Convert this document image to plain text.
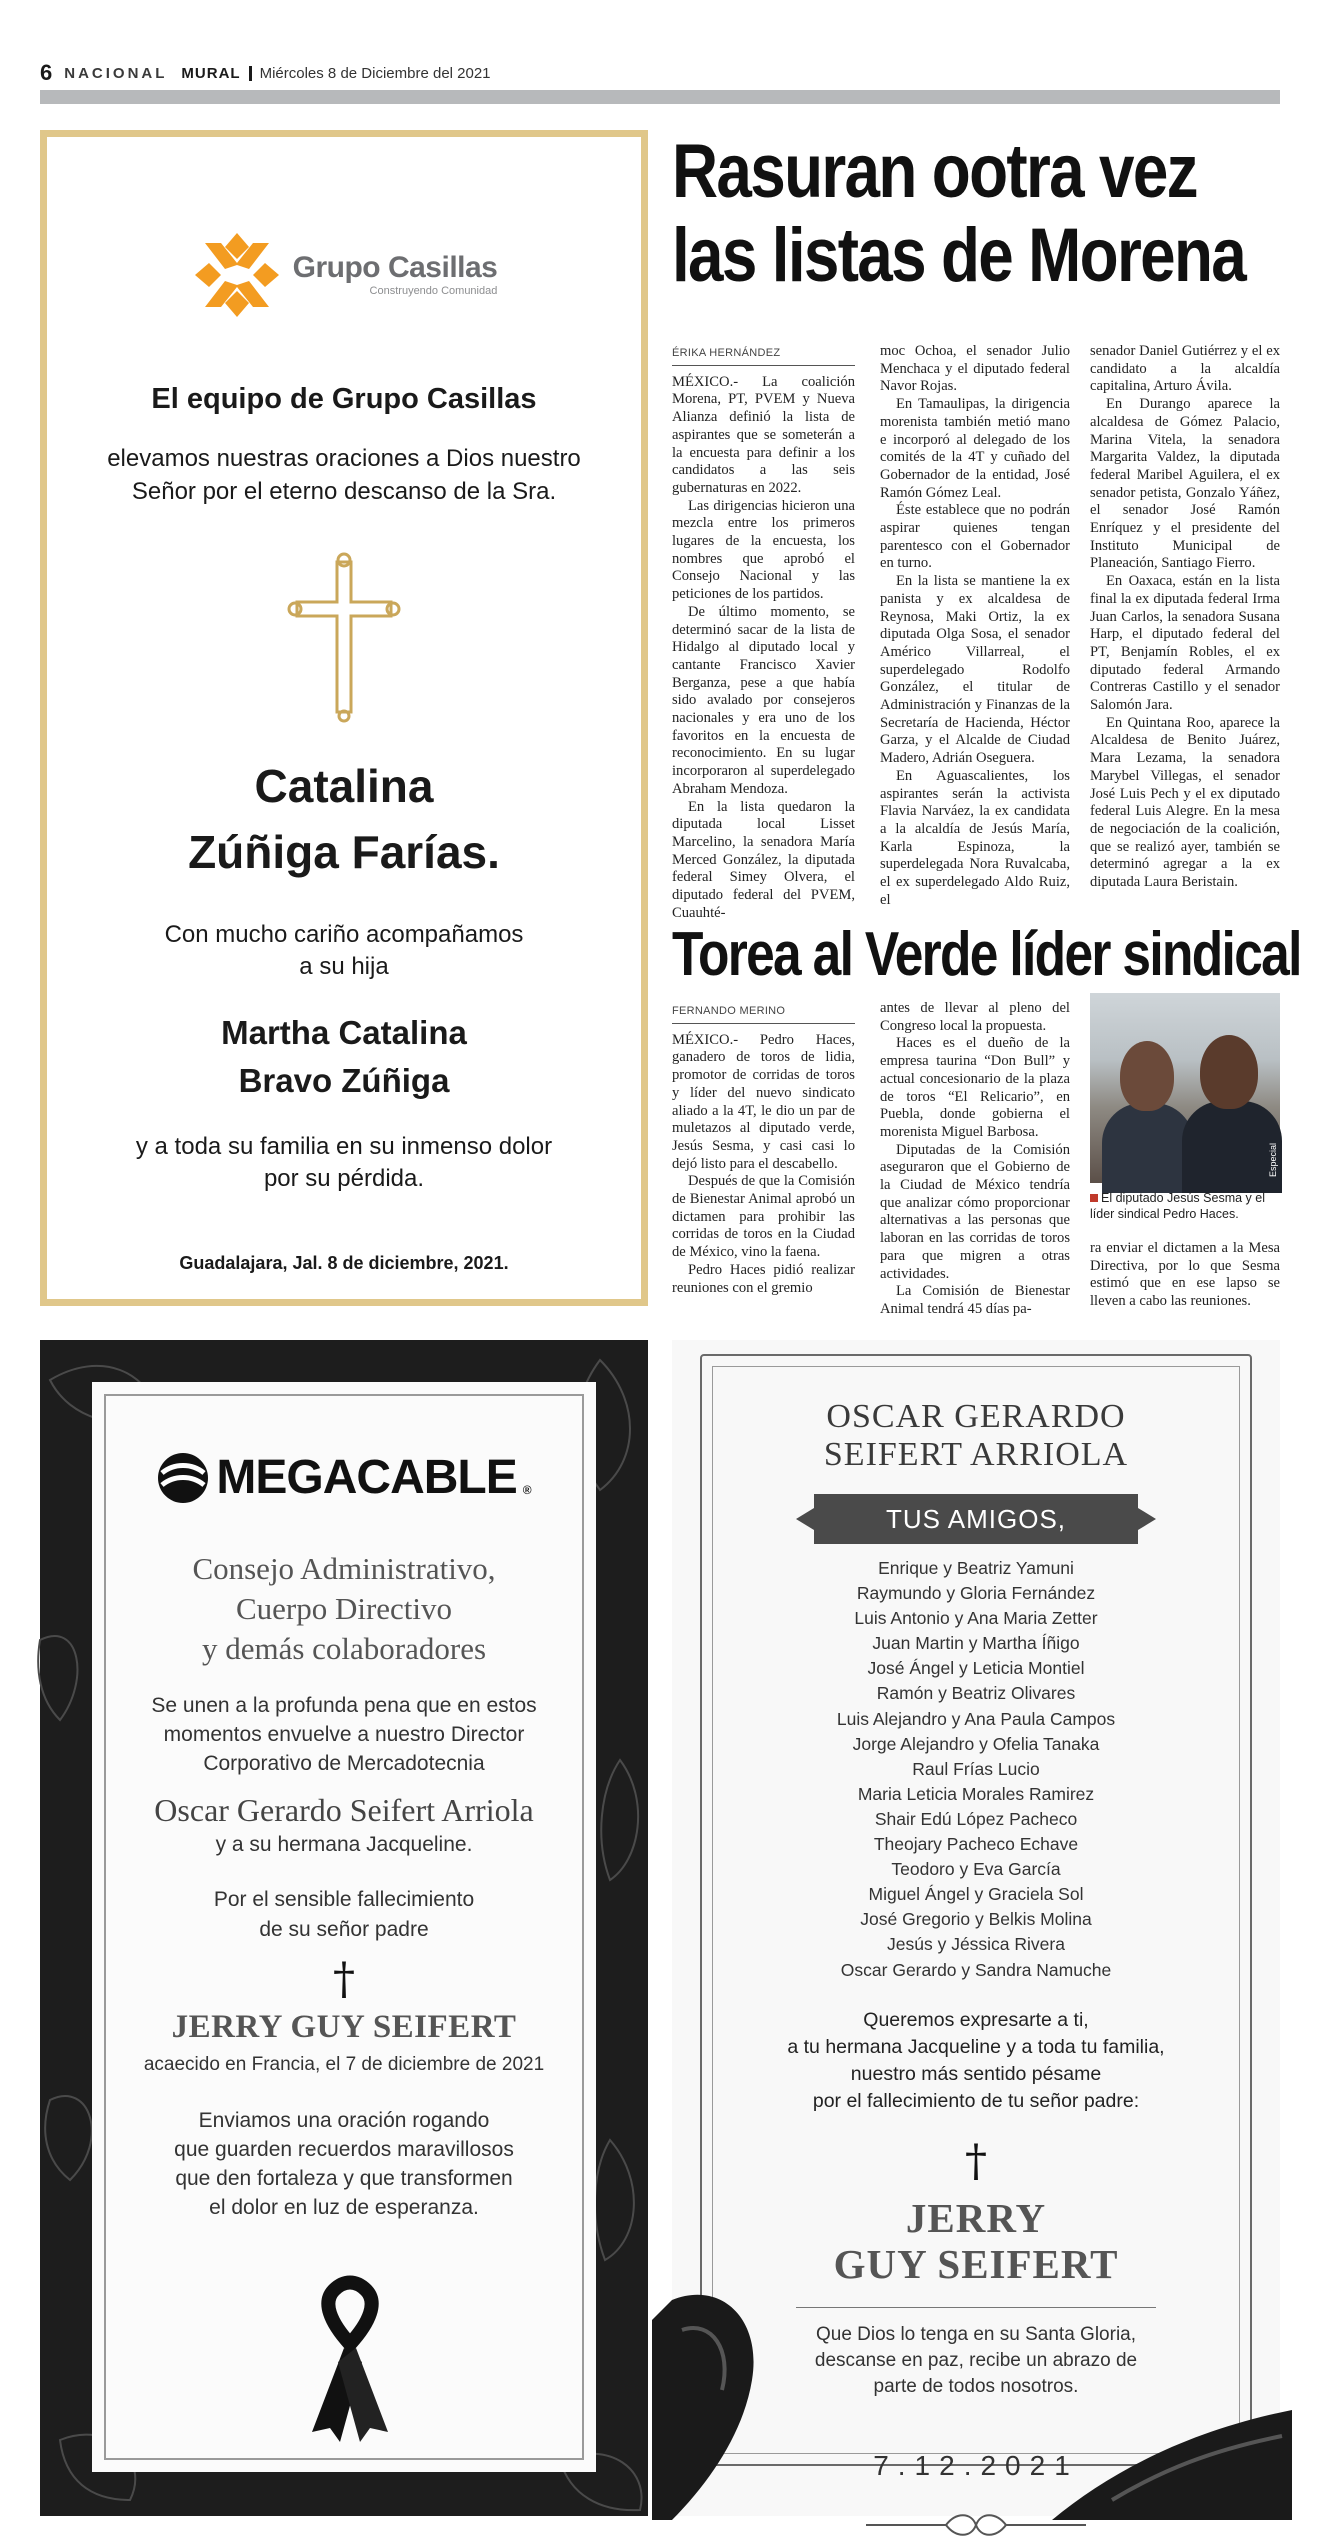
6 NACIONAL MURAL Miércoles 8 de Diciembre del 2021
Grupo Casillas
Construyendo Comunidad
El equipo de Grupo Casillas
elevamos nuestras oraciones a Dios nuestro
Señor por el eterno descanso de la Sra.
Catalina
Zúñiga Farías.
Con mucho cariño acompañamos
a su hija
Martha Catalina
Bravo Zúñiga
y a toda su familia en su inmenso dolor
por su pérdida.
Guadalajara, Jal. 8 de diciembre, 2021.
Rasuran ootra vez
las listas de Morena
ÉRIKA HERNÁNDEZ

MÉXICO.- La coalición Morena, PT, PVEM y Nueva Alianza definió la lista de aspirantes que se someterán a la encuesta para definir a los candidatos a las seis gubernaturas en 2022.

Las dirigencias hicieron una mezcla entre los primeros lugares de la encuesta, los nombres que aprobó el Consejo Nacional y las peticiones de los partidos.

De último momento, se determinó sacar de la lista de Hidalgo al diputado local y cantante Francisco Xavier Berganza, pese a que había sido avalado por consejeros nacionales y era uno de los favoritos en la encuesta de reconocimiento. En su lugar incorporaron al superdelegado Abraham Mendoza.

En la lista quedaron la diputada local Lisset Marcelino, la senadora María Merced González, la diputada federal Simey Olvera, el diputado federal del PVEM, Cuauhté-

moc Ochoa, el senador Julio Menchaca y el diputado federal Navor Rojas.

En Tamaulipas, la dirigencia morenista también metió mano e incorporó al delegado de los comités de la 4T y cuñado del Gobernador de la entidad, José Ramón Gómez Leal.

Éste establece que no podrán aspirar quienes tengan parentesco con el Gobernador en turno.

En la lista se mantiene la ex panista y ex alcaldesa de Reynosa, Maki Ortiz, la ex diputada Olga Sosa, el senador Américo Villarreal, el superdelegado Rodolfo González, el titular de Administración y Finanzas de la Secretaría de Hacienda, Héctor Garza, y el Alcalde de Ciudad Madero, Adrián Oseguera.

En Aguascalientes, los aspirantes serán la activista Flavia Narváez, la ex candidata a la alcaldía de Jesús María, Karla Espinoza, la superdelegada Nora Ruvalcaba, el ex superdelegado Aldo Ruiz, el

senador Daniel Gutiérrez y el ex candidato a la alcaldía capitalina, Arturo Ávila.

En Durango aparece la alcaldesa de Gómez Palacio, Marina Vitela, la senadora Margarita Valdez, la diputada federal Maribel Aguilera, el ex senador petista, Gonzalo Yáñez, el senador José Ramón Enríquez y el presidente del Instituto Municipal de Planeación, Santiago Fierro.

En Oaxaca, están en la lista final la ex diputada federal Irma Juan Carlos, la senadora Susana Harp, el diputado federal del PT, Benjamín Robles, el ex diputado federal Armando Contreras Castillo y el senador Salomón Jara.

En Quintana Roo, aparece la Alcaldesa de Benito Juárez, Mara Lezama, la senadora Marybel Villegas, el senador José Luis Pech y el ex diputado federal Luis Alegre. En la mesa de negociación de la coalición, que se realizó ayer, también se determinó agregar a la ex diputada Laura Beristain.

Torea al Verde líder sindical
FERNANDO MERINO

MÉXICO.- Pedro Haces, ganadero de toros de lidia, promotor de corridas de toros y líder del nuevo sindicato aliado a la 4T, le dio un par de muletazos al diputado verde, Jesús Sesma, y casi casi lo dejó listo para el descabello.

Después de que la Comisión de Bienestar Animal aprobó un dictamen para prohibir las corridas de toros en la Ciudad de México, vino la faena.

Pedro Haces pidió realizar reuniones con el gremio

antes de llevar al pleno del Congreso local la propuesta.

Haces es el dueño de la empresa taurina “Don Bull” y actual concesionario de la plaza de toros “El Relicario”, en Puebla, donde gobierna el morenista Miguel Barbosa.

Diputadas de la Comisión aseguraron que el Gobierno de la Ciudad de México tendría que analizar cómo proporcionar alternativas a las personas que laboran en las corridas de toros para que migren a otras actividades.

La Comisión de Bienestar Animal tendrá 45 días pa-

Especial
El diputado Jesús Sesma y el líder sindical Pedro Haces.

ra enviar el dictamen a la Mesa Directiva, por lo que Sesma estimó que en ese lapso se lleven a cabo las reuniones.

MEGACABLE ®
Consejo Administrativo,
Cuerpo Directivo
y demás colaboradores
Se unen a la profunda pena que en estos
momentos envuelve a nuestro Director
Corporativo de Mercadotecnia
Oscar Gerardo Seifert Arriola
y a su hermana Jacqueline.
Por el sensible fallecimiento
de su señor padre
†
JERRY GUY SEIFERT
acaecido en Francia, el 7 de diciembre de 2021
Enviamos una oración rogando
que guarden recuerdos maravillosos
que den fortaleza y que transformen
el dolor en luz de esperanza.
OSCAR GERARDO
SEIFERT ARRIOLA
TUS AMIGOS,
Enrique y Beatriz Yamuni
Raymundo y Gloria Fernández
Luis Antonio y Ana Maria Zetter
Juan Martin y Martha Íñigo
José Ángel y Leticia Montiel
Ramón y Beatriz Olivares
Luis Alejandro y Ana Paula Campos
Jorge Alejandro y Ofelia Tanaka
Raul Frías Lucio
Maria Leticia Morales Ramirez
Shair Edú López Pacheco
Theojary Pacheco Echave
Teodoro y Eva García
Miguel Ángel y Graciela Sol
José Gregorio y Belkis Molina
Jesús y Jéssica Rivera
Oscar Gerardo y Sandra Namuche
Queremos expresarte a ti,
a tu hermana Jacqueline y a toda tu familia,
nuestro más sentido pésame
por el fallecimiento de tu señor padre:
†
JERRY
GUY SEIFERT
Que Dios lo tenga en su Santa Gloria,
descanse en paz, recibe un abrazo de
parte de todos nosotros.
7.12.2021
